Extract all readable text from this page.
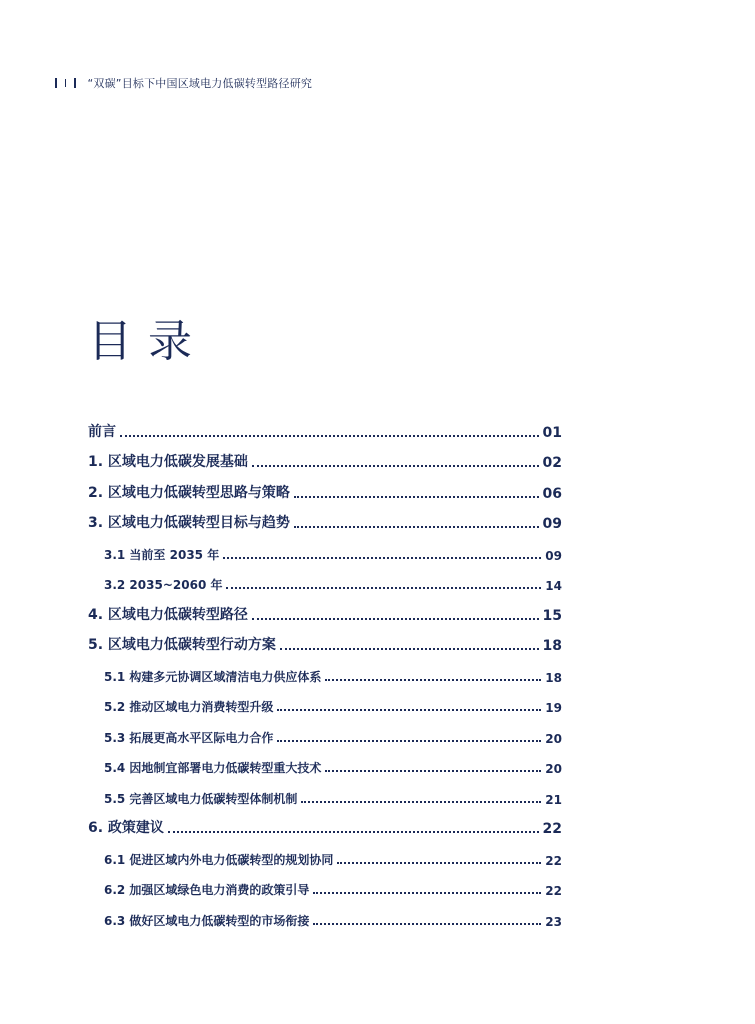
“双碳”目标下中国区域电力低碳转型路径研究
目录
前言	01
1. 区域电力低碳发展基础	02
2. 区域电力低碳转型思路与策略	06
3. 区域电力低碳转型目标与趋势	09
3.1 当前至 2035 年	09
3.2 2035~2060 年	14
4. 区域电力低碳转型路径	15
5. 区域电力低碳转型行动方案	18
5.1 构建多元协调区域清洁电力供应体系	18
5.2 推动区域电力消费转型升级	19
5.3 拓展更高水平区际电力合作	20
5.4 因地制宜部署电力低碳转型重大技术	20
5.5 完善区域电力低碳转型体制机制	21
6. 政策建议	22
6.1 促进区域内外电力低碳转型的规划协同	22
6.2 加强区域绿色电力消费的政策引导	22
6.3 做好区域电力低碳转型的市场衔接	23
